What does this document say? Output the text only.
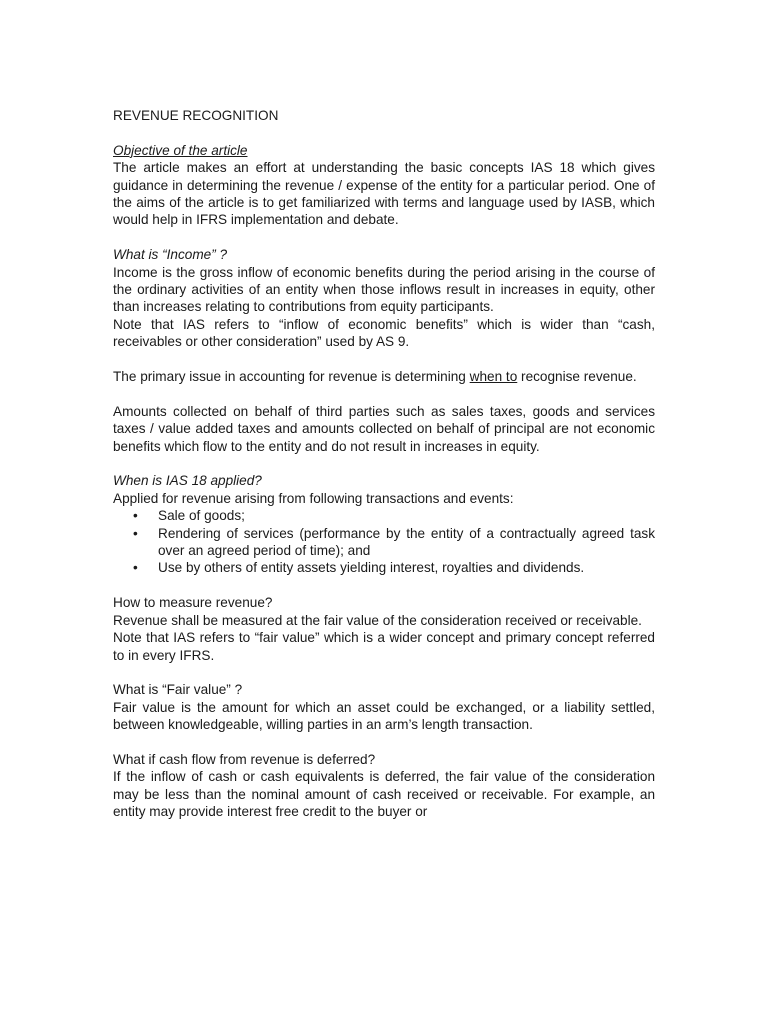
REVENUE RECOGNITION

Objective of the article

The article makes an effort at understanding the basic concepts IAS 18 which gives guidance in determining the revenue / expense of the entity for a particular period. One of the aims of the article is to get familiarized with terms and language used by IASB, which would help in IFRS implementation and debate.

What is “Income” ?

Income is the gross inflow of economic benefits during the period arising in the course of the ordinary activities of an entity when those inflows result in increases in equity, other than increases relating to contributions from equity participants.

Note that IAS refers to “inflow of economic benefits” which is wider than “cash, receivables or other consideration” used by AS 9.

The primary issue in accounting for revenue is determining when to recognise revenue.

Amounts collected on behalf of third parties such as sales taxes, goods and services taxes / value added taxes and amounts collected on behalf of principal are not economic benefits which flow to the entity and do not result in increases in equity.

When is IAS 18 applied?

Applied for revenue arising from following transactions and events:

• Sale of goods;
• Rendering of services (performance by the entity of a contractually agreed task over an agreed period of time); and
• Use by others of entity assets yielding interest, royalties and dividends.

How to measure revenue?

Revenue shall be measured at the fair value of the consideration received or receivable.

Note that IAS refers to “fair value” which is a wider concept and primary concept referred to in every IFRS.

What is “Fair value” ?

Fair value is the amount for which an asset could be exchanged, or a liability settled, between knowledgeable, willing parties in an arm’s length transaction.

What if cash flow from revenue is deferred?

If the inflow of cash or cash equivalents is deferred, the fair value of the consideration may be less than the nominal amount of cash received or receivable. For example, an entity may provide interest free credit to the buyer or
